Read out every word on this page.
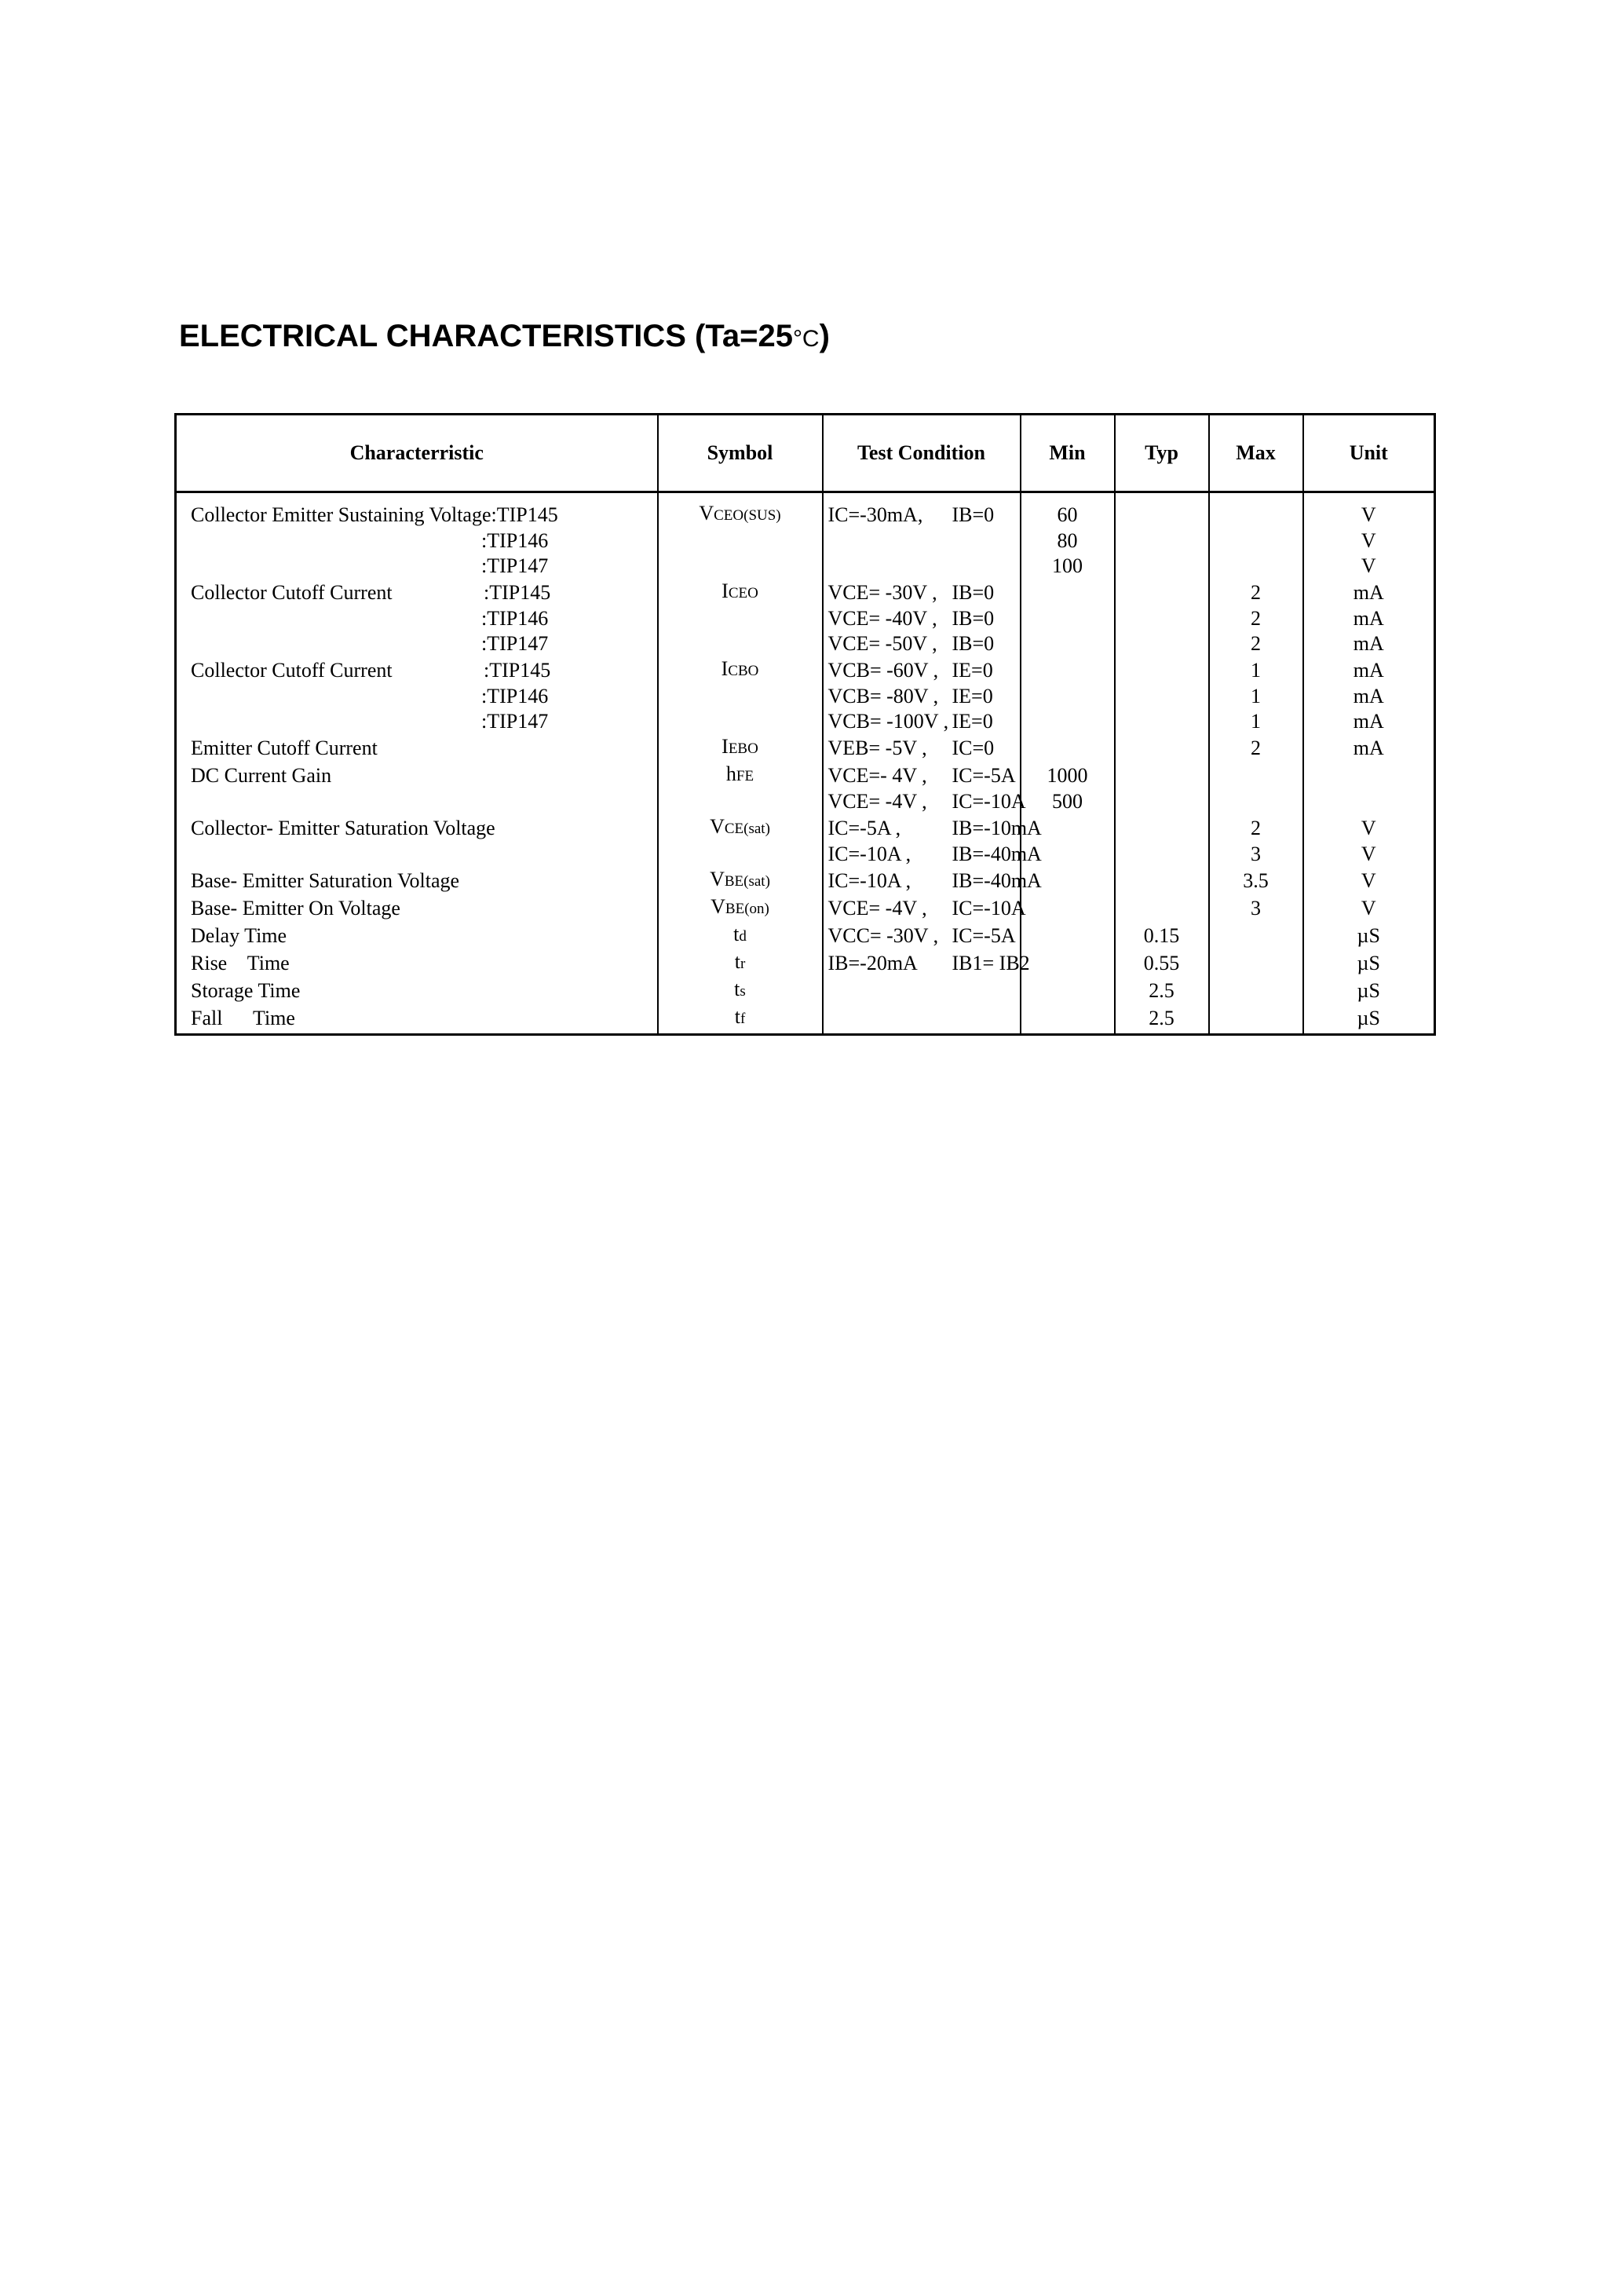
ELECTRICAL CHARACTERISTICS (Ta=25°C)
Characterristic	Symbol	Test Condition	Min	Typ	Max	Unit
Collector Emitter Sustaining Voltage:TIP145	VCEO(SUS)	IC=-30mA, IB=0	60			V
:TIP146			80			V
:TIP147			100			V
Collector Cutoff Current :TIP145	ICEO	VCE= -30V , IB=0			2	mA
:TIP146		VCE= -40V , IB=0			2	mA
:TIP147		VCE= -50V , IB=0			2	mA
Collector Cutoff Current :TIP145	ICBO	VCB= -60V , IE=0			1	mA
:TIP146		VCB= -80V , IE=0			1	mA
:TIP147		VCB= -100V , IE=0			1	mA
Emitter Cutoff Current	IEBO	VEB= -5V , IC=0			2	mA
DC Current Gain	hFE	VCE=- 4V , IC=-5A	1000			
		VCE= -4V , IC=-10A	500			
Collector- Emitter Saturation Voltage	VCE(sat)	IC=-5A , IB=-10mA			2	V
		IC=-10A , IB=-40mA			3	V
Base- Emitter Saturation Voltage	VBE(sat)	IC=-10A , IB=-40mA			3.5	V
Base- Emitter On Voltage	VBE(on)	VCE= -4V , IC=-10A			3	V
Delay Time	td	VCC= -30V , IC=-5A		0.15		µS
Rise    Time	tr	IB=-20mA IB1= IB2		0.55		µS
Storage Time	ts			2.5		µS
Fall      Time	tf			2.5		µS
